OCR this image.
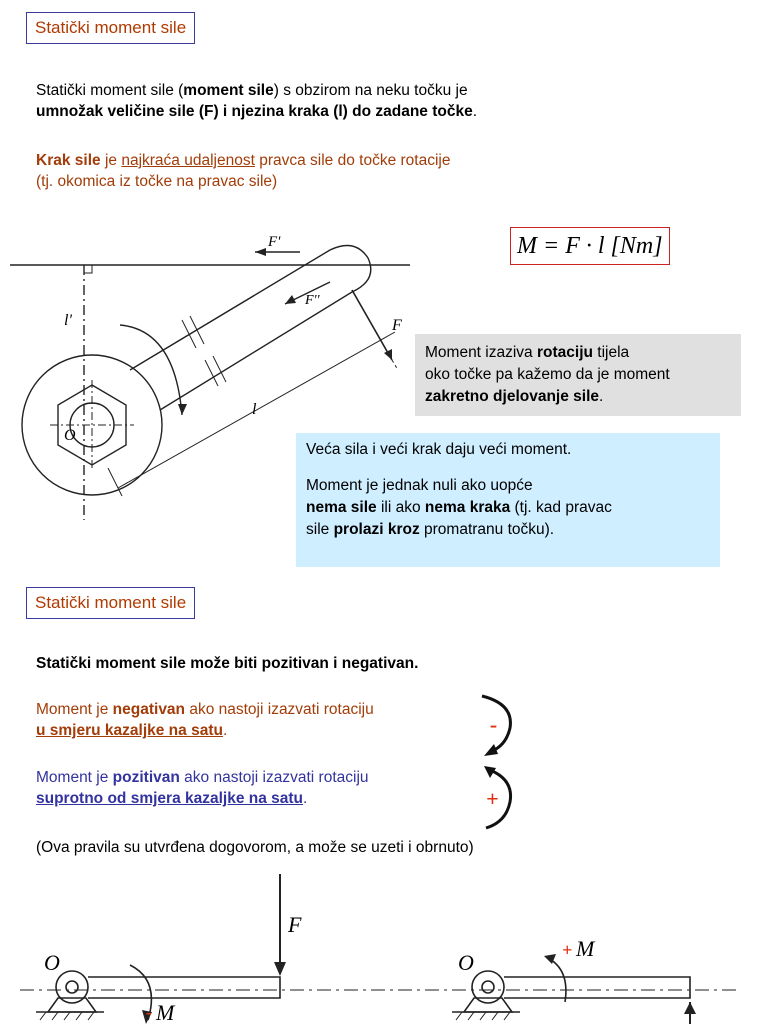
Statički moment sile
Statički moment sile (moment sile) s obzirom na neku točku je
umnožak veličine sile (F) i njezina kraka (l) do zadane točke.
Krak sile je najkraća udaljenost pravca sile do točke rotacije
(tj. okomica iz točke na pravac sile)
M = F · l [Nm]
F'
F''
F
l'
l
O
Moment izaziva rotaciju tijela
oko točke pa kažemo da je moment
zakretno djelovanje sile.
Veća sila i veći krak daju veći moment.
Moment je jednak nuli ako uopće
nema sile ili ako nema kraka (tj. kad pravac
sile prolazi kroz promatranu točku).
Statički moment sile
Statički moment sile može biti pozitivan i negativan.
Moment je negativan ako nastoji izazvati rotaciju
u smjeru kazaljke na satu.
Moment je pozitivan ako nastoji izazvati rotaciju
suprotno od smjera kazaljke na satu.
-
+
(Ova pravila su utvrđena dogovorom, a može se uzeti i obrnuto)
O
F
- M
O	+ M
